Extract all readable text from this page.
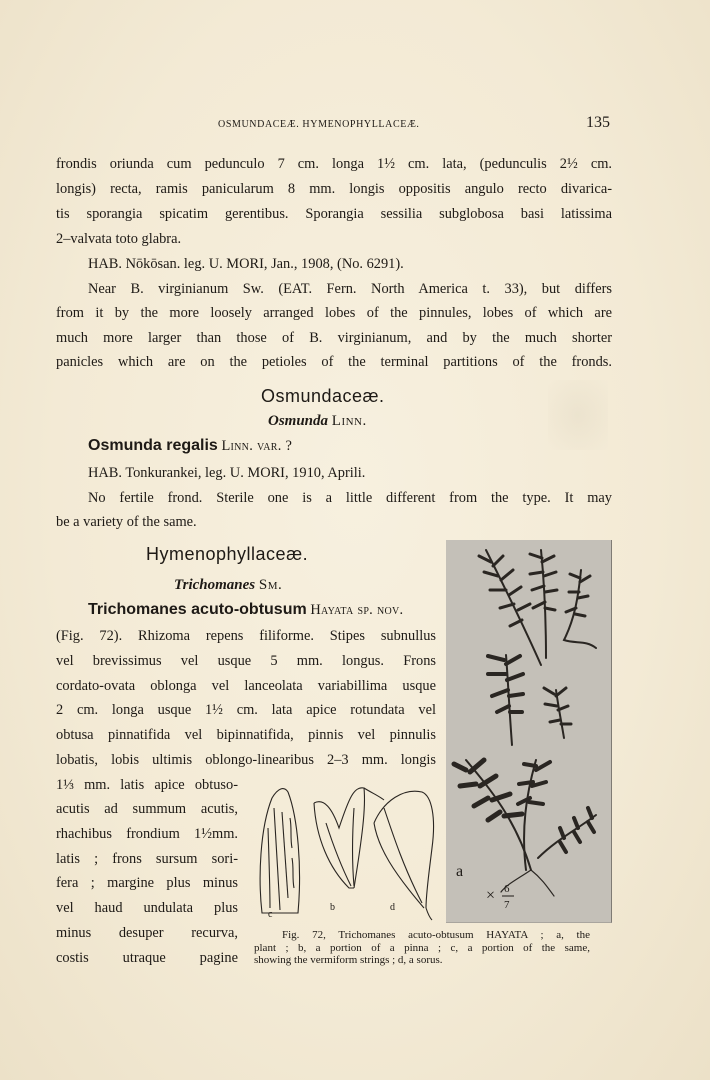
OSMUNDACEÆ. HYMENOPHYLLACEÆ.	135
frondis oriunda cum pedunculo 7 cm. longa 1½ cm. lata, (pedunculis 2½ cm.
longis) recta, ramis panicularum 8 mm. longis oppositis angulo recto divarica-
tis sporangia spicatim gerentibus. Sporangia sessilia subglobosa basi latissima
2–valvata toto glabra.
HAB. Nōkōsan. leg. U. MORI, Jan., 1908, (No. 6291).
Near B. virginianum Sw. (EAT. Fern. North America t. 33), but differs
from it by the more loosely arranged lobes of the pinnules, lobes of which are
much more larger than those of B. virginianum, and by the much shorter
panicles which are on the petioles of the terminal partitions of the fronds.
Osmundaceæ.
Osmunda Linn.
Osmunda regalis Linn. var. ?
HAB. Tonkurankei, leg. U. MORI, 1910, Aprili.
No fertile frond. Sterile one is a little different from the type. It may
be a variety of the same.
Hymenophyllaceæ.
Trichomanes Sm.
Trichomanes acuto-obtusum Hayata sp. nov.
(Fig. 72). Rhizoma repens filiforme. Stipes subnullus
vel brevissimus vel usque 5 mm. longus. Frons
cordato-ovata oblonga vel lanceolata variabillima usque
2 cm. longa usque 1½ cm. lata apice rotundata vel
obtusa pinnatifida vel bipinnatifida, pinnis vel pinnulis
lobatis, lobis ultimis oblongo-linearibus 2–3 mm. longis
1⅓ mm. latis apice obtuso-
acutis ad summum acutis,
rhachibus frondium 1½mm.
latis ; frons sursum sori-
fera ; margine plus minus
vel haud undulata plus
minus desuper recurva,
costis utraque pagine
a
× 6
7
c
b	d
Fig. 72, Trichomanes acuto-obtusum HAYATA ; a, the
plant ; b, a portion of a pinna ; c, a portion of the same,
showing the vermiform strings ; d, a sorus.
